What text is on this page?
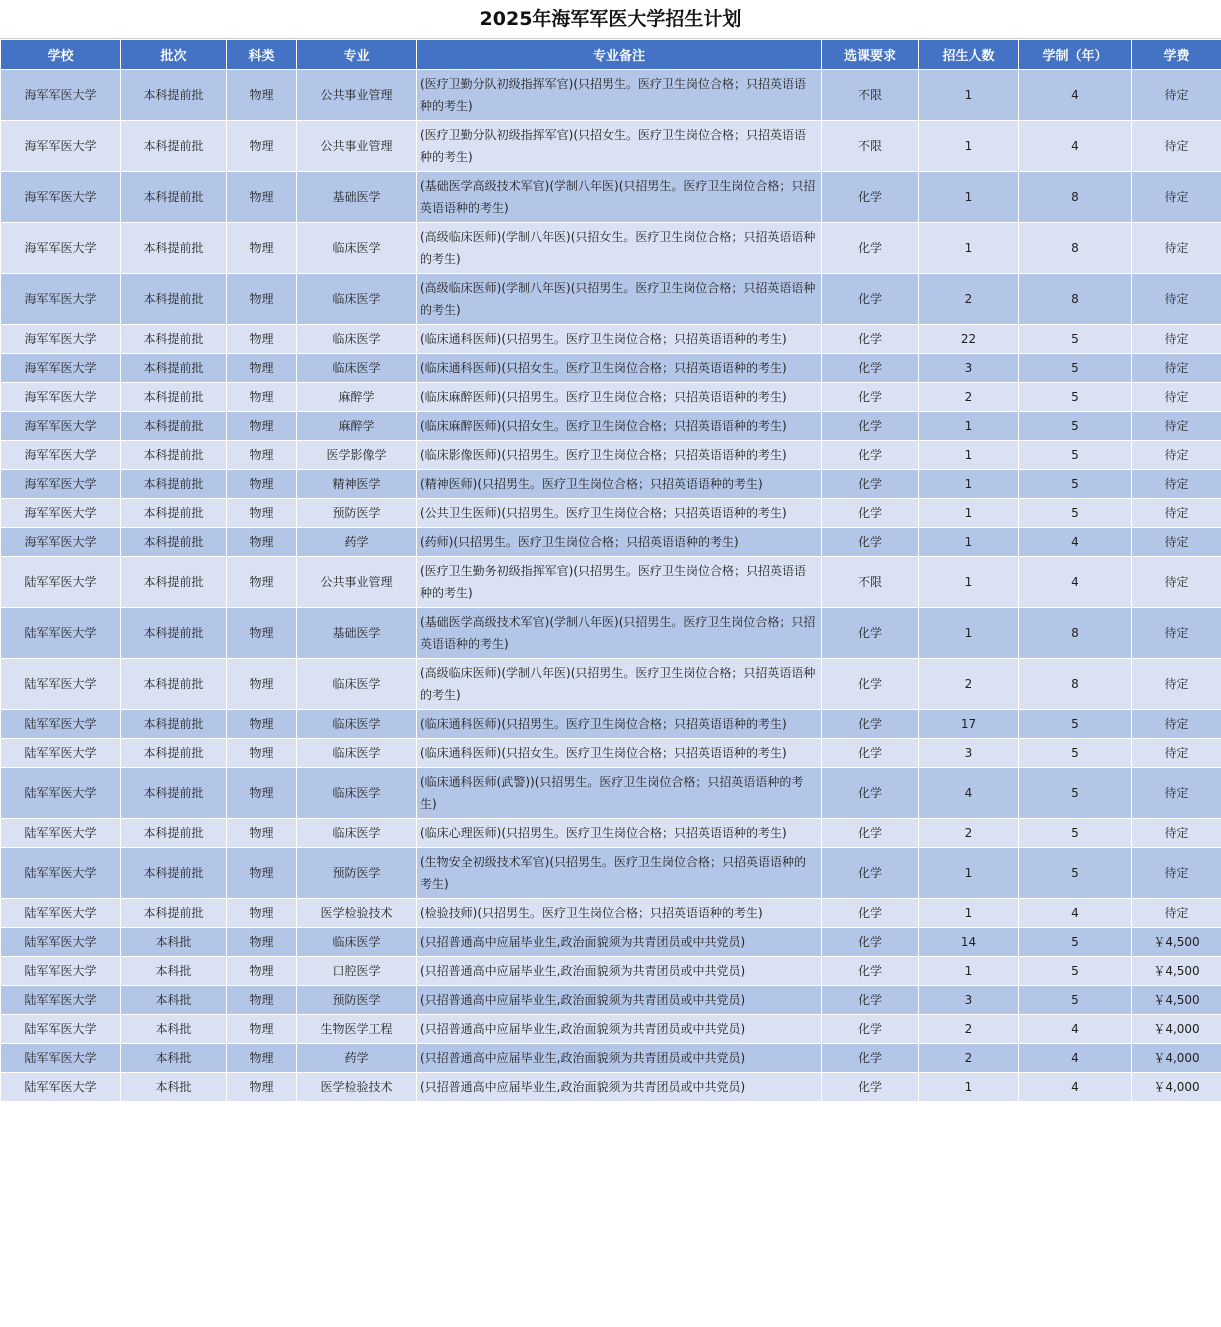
2025年海军军医大学招生计划
学校	批次	科类	专业	专业备注	选课要求	招生人数	学制（年）	学费
海军军医大学	本科提前批	物理	公共事业管理	(医疗卫勤分队初级指挥军官)(只招男生。医疗卫生岗位合格；只招英语语种的考生)	不限	1	4	待定
海军军医大学	本科提前批	物理	公共事业管理	(医疗卫勤分队初级指挥军官)(只招女生。医疗卫生岗位合格；只招英语语种的考生)	不限	1	4	待定
海军军医大学	本科提前批	物理	基础医学	(基础医学高级技术军官)(学制八年医)(只招男生。医疗卫生岗位合格；只招英语语种的考生)	化学	1	8	待定
海军军医大学	本科提前批	物理	临床医学	(高级临床医师)(学制八年医)(只招女生。医疗卫生岗位合格；只招英语语种的考生)	化学	1	8	待定
海军军医大学	本科提前批	物理	临床医学	(高级临床医师)(学制八年医)(只招男生。医疗卫生岗位合格；只招英语语种的考生)	化学	2	8	待定
海军军医大学	本科提前批	物理	临床医学	(临床通科医师)(只招男生。医疗卫生岗位合格；只招英语语种的考生)	化学	22	5	待定
海军军医大学	本科提前批	物理	临床医学	(临床通科医师)(只招女生。医疗卫生岗位合格；只招英语语种的考生)	化学	3	5	待定
海军军医大学	本科提前批	物理	麻醉学	(临床麻醉医师)(只招男生。医疗卫生岗位合格；只招英语语种的考生)	化学	2	5	待定
海军军医大学	本科提前批	物理	麻醉学	(临床麻醉医师)(只招女生。医疗卫生岗位合格；只招英语语种的考生)	化学	1	5	待定
海军军医大学	本科提前批	物理	医学影像学	(临床影像医师)(只招男生。医疗卫生岗位合格；只招英语语种的考生)	化学	1	5	待定
海军军医大学	本科提前批	物理	精神医学	(精神医师)(只招男生。医疗卫生岗位合格；只招英语语种的考生)	化学	1	5	待定
海军军医大学	本科提前批	物理	预防医学	(公共卫生医师)(只招男生。医疗卫生岗位合格；只招英语语种的考生)	化学	1	5	待定
海军军医大学	本科提前批	物理	药学	(药师)(只招男生。医疗卫生岗位合格；只招英语语种的考生)	化学	1	4	待定
陆军军医大学	本科提前批	物理	公共事业管理	(医疗卫生勤务初级指挥军官)(只招男生。医疗卫生岗位合格；只招英语语种的考生)	不限	1	4	待定
陆军军医大学	本科提前批	物理	基础医学	(基础医学高级技术军官)(学制八年医)(只招男生。医疗卫生岗位合格；只招英语语种的考生)	化学	1	8	待定
陆军军医大学	本科提前批	物理	临床医学	(高级临床医师)(学制八年医)(只招男生。医疗卫生岗位合格；只招英语语种的考生)	化学	2	8	待定
陆军军医大学	本科提前批	物理	临床医学	(临床通科医师)(只招男生。医疗卫生岗位合格；只招英语语种的考生)	化学	17	5	待定
陆军军医大学	本科提前批	物理	临床医学	(临床通科医师)(只招女生。医疗卫生岗位合格；只招英语语种的考生)	化学	3	5	待定
陆军军医大学	本科提前批	物理	临床医学	(临床通科医师(武警))(只招男生。医疗卫生岗位合格；只招英语语种的考生)	化学	4	5	待定
陆军军医大学	本科提前批	物理	临床医学	(临床心理医师)(只招男生。医疗卫生岗位合格；只招英语语种的考生)	化学	2	5	待定
陆军军医大学	本科提前批	物理	预防医学	(生物安全初级技术军官)(只招男生。医疗卫生岗位合格；只招英语语种的考生)	化学	1	5	待定
陆军军医大学	本科提前批	物理	医学检验技术	(检验技师)(只招男生。医疗卫生岗位合格；只招英语语种的考生)	化学	1	4	待定
陆军军医大学	本科批	物理	临床医学	(只招普通高中应届毕业生,政治面貌须为共青团员或中共党员)	化学	14	5	￥4,500
陆军军医大学	本科批	物理	口腔医学	(只招普通高中应届毕业生,政治面貌须为共青团员或中共党员)	化学	1	5	￥4,500
陆军军医大学	本科批	物理	预防医学	(只招普通高中应届毕业生,政治面貌须为共青团员或中共党员)	化学	3	5	￥4,500
陆军军医大学	本科批	物理	生物医学工程	(只招普通高中应届毕业生,政治面貌须为共青团员或中共党员)	化学	2	4	￥4,000
陆军军医大学	本科批	物理	药学	(只招普通高中应届毕业生,政治面貌须为共青团员或中共党员)	化学	2	4	￥4,000
陆军军医大学	本科批	物理	医学检验技术	(只招普通高中应届毕业生,政治面貌须为共青团员或中共党员)	化学	1	4	￥4,000
